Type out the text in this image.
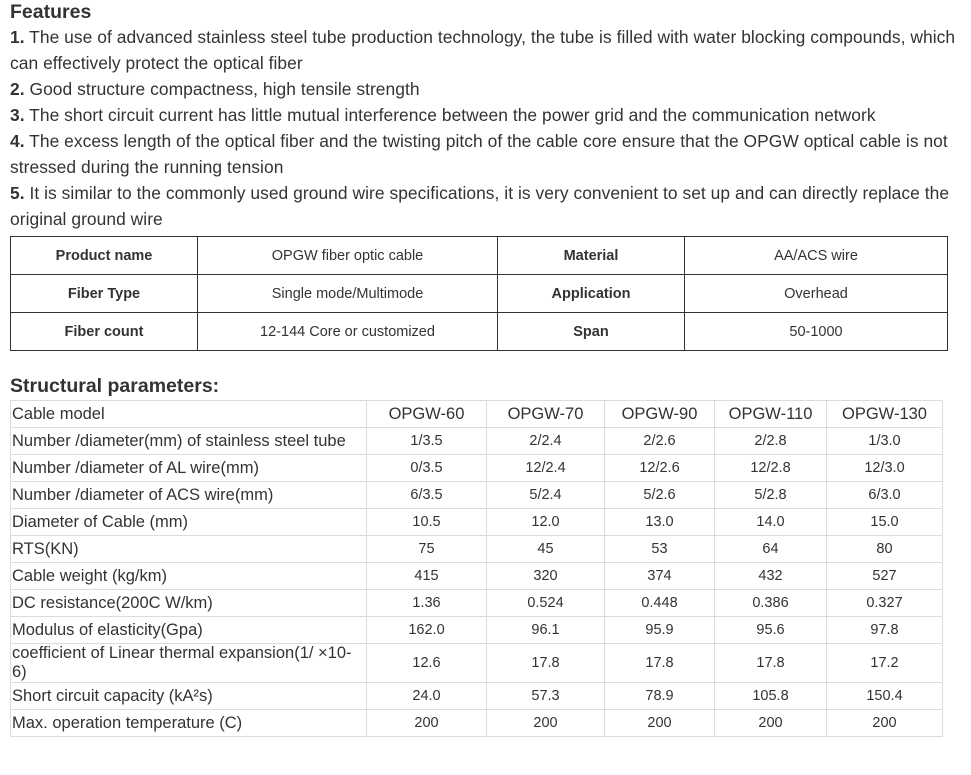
Features

1. The use of advanced stainless steel tube production technology, the tube is filled with water blocking compounds, which can effectively protect the optical fiber

2. Good structure compactness, high tensile strength

3. The short circuit current has little mutual interference between the power grid and the communication network

4. The excess length of the optical fiber and the twisting pitch of the cable core ensure that the OPGW optical cable is not stressed during the running tension

5. It is similar to the commonly used ground wire specifications, it is very convenient to set up and can directly replace the original ground wire

Product name	OPGW fiber optic cable	Material	AA/ACS wire
Fiber Type	Single mode/Multimode	Application	Overhead
Fiber count	12-144 Core or customized	Span	50-1000
Structural parameters:
Cable model	OPGW-60	OPGW-70	OPGW-90	OPGW-110	OPGW-130
Number /diameter(mm) of stainless steel tube	1/3.5	2/2.4	2/2.6	2/2.8	1/3.0
Number /diameter of AL wire(mm)	0/3.5	12/2.4	12/2.6	12/2.8	12/3.0
Number /diameter of ACS wire(mm)	6/3.5	5/2.4	5/2.6	5/2.8	6/3.0
Diameter of Cable (mm)	10.5	12.0	13.0	14.0	15.0
RTS(KN)	75	45	53	64	80
Cable weight (kg/km)	415	320	374	432	527
DC resistance(200C W/km)	1.36	0.524	0.448	0.386	0.327
Modulus of elasticity(Gpa)	162.0	96.1	95.9	95.6	97.8
coefficient of Linear thermal expansion(1/ ×10-6)	12.6	17.8	17.8	17.8	17.2
Short circuit capacity (kA²s)	24.0	57.3	78.9	105.8	150.4
Max. operation temperature (C)	200	200	200	200	200
